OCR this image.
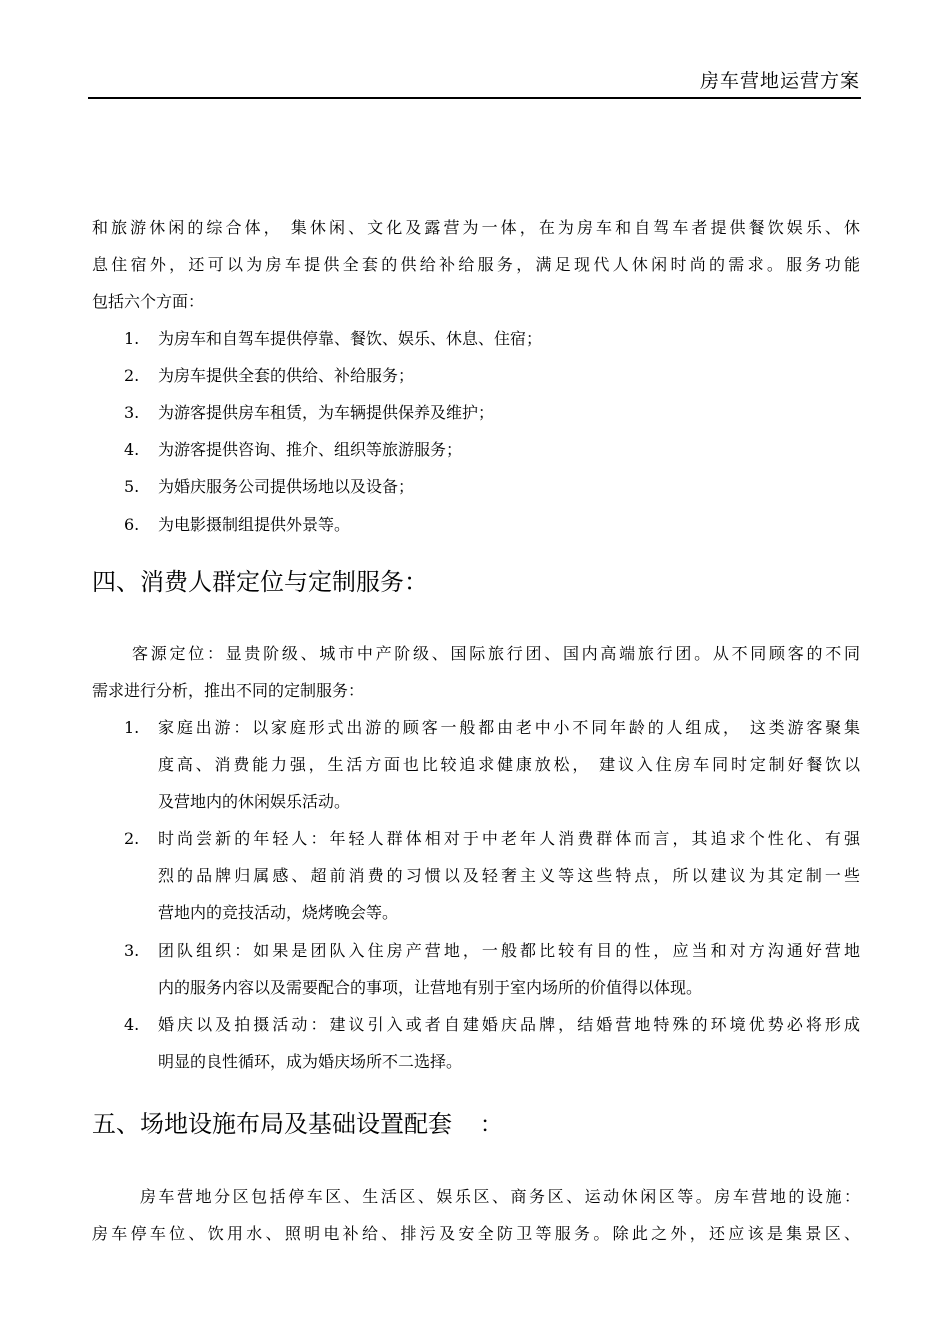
房车营地运营方案

和旅游休闲的综合体， 集休闲、文化及露营为一体，在为房车和自驾车者提供餐饮娱乐、休

息住宿外，还可以为房车提供全套的供给补给服务，满足现代人休闲时尚的需求。服务功能

包括六个方面：

1. 为房车和自驾车提供停靠、餐饮、娱乐、休息、住宿；

2. 为房车提供全套的供给、补给服务；

3. 为游客提供房车租赁，为车辆提供保养及维护；

4. 为游客提供咨询、推介、组织等旅游服务；

5. 为婚庆服务公司提供场地以及设备；

6. 为电影摄制组提供外景等。

四、消费人群定位与定制服务：

客源定位：显贵阶级、城市中产阶级、国际旅行团、国内高端旅行团。从不同顾客的不同

需求进行分析，推出不同的定制服务：

1. 家庭出游：以家庭形式出游的顾客一般都由老中小不同年龄的人组成， 这类游客聚集

度高、消费能力强，生活方面也比较追求健康放松， 建议入住房车同时定制好餐饮以

及营地内的休闲娱乐活动。

2. 时尚尝新的年轻人：年轻人群体相对于中老年人消费群体而言，其追求个性化、有强

烈的品牌归属感、超前消费的习惯以及轻奢主义等这些特点，所以建议为其定制一些

营地内的竞技活动，烧烤晚会等。

3. 团队组织：如果是团队入住房产营地，一般都比较有目的性，应当和对方沟通好营地

内的服务内容以及需要配合的事项，让营地有别于室内场所的价值得以体现。

4. 婚庆以及拍摄活动：建议引入或者自建婚庆品牌，结婚营地特殊的环境优势必将形成

明显的良性循环，成为婚庆场所不二选择。

五、场地设施布局及基础设置配套 ：

房车营地分区包括停车区、生活区、娱乐区、商务区、运动休闲区等。房车营地的设施：

房车停车位、饮用水、照明电补给、排污及安全防卫等服务。除此之外，还应该是集景区、
